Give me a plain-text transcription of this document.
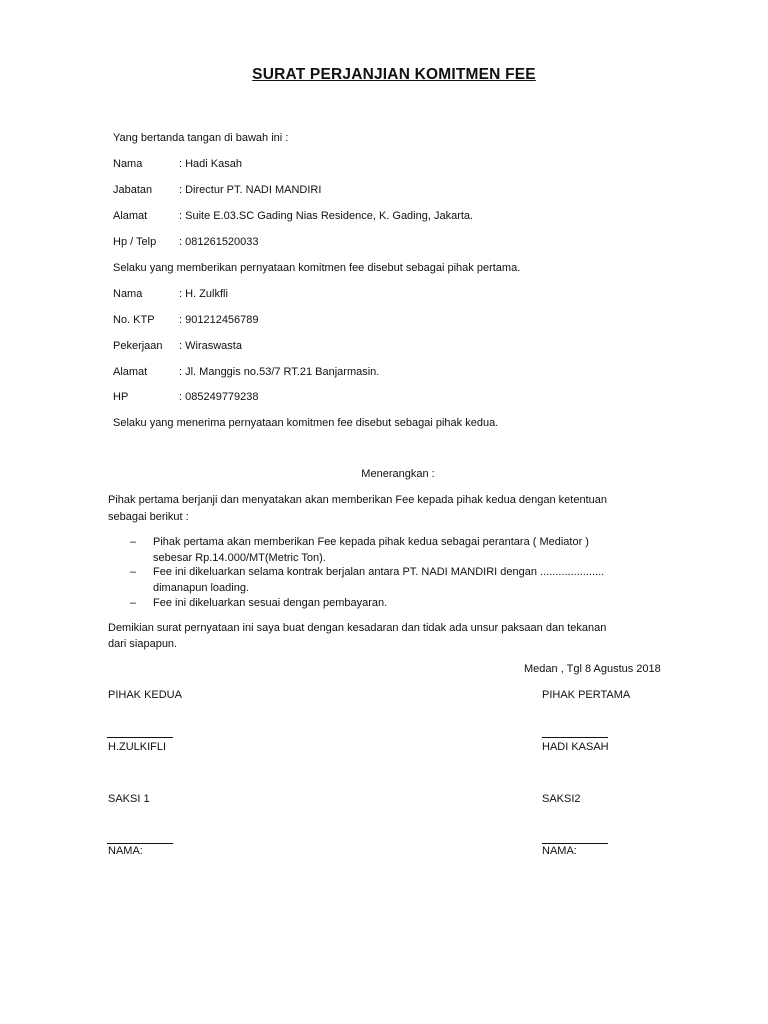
SURAT PERJANJIAN KOMITMEN FEE
Yang bertanda tangan di bawah ini :
Nama	: Hadi Kasah
Jabatan : Directur PT. NADI MANDIRI
Alamat	: Suite E.03.SC Gading Nias Residence, K. Gading, Jakarta.
Hp / Telp : 081261520033
Selaku yang memberikan pernyataan komitmen fee disebut sebagai pihak pertama.
Nama	: H. Zulkfli
No. KTP : 901212456789
Pekerjaan : Wiraswasta
Alamat	: Jl. Manggis no.53/7 RT.21 Banjarmasin.
HP	: 085249779238
Selaku yang menerima pernyataan komitmen fee disebut sebagai pihak kedua.
Menerangkan :
Pihak pertama berjanji dan menyatakan akan memberikan Fee kepada pihak kedua dengan ketentuan
sebagai berikut :
– Pihak pertama akan memberikan Fee kepada pihak kedua sebagai perantara ( Mediator )
sebesar Rp.14.000/MT(Metric Ton).
– Fee ini dikeluarkan selama kontrak berjalan antara PT. NADI MANDIRI dengan .....................
dimanapun loading.
– Fee ini dikeluarkan sesuai dengan pembayaran.
Demikian surat pernyataan ini saya buat dengan kesadaran dan tidak ada unsur paksaan dan tekanan
dari siapapun.
Medan , Tgl 8 Agustus 2018
PIHAK KEDUA	PIHAK PERTAMA
H.ZULKIFLI	HADI KASAH
SAKSI 1	SAKSI2
NAMA:	NAMA:
